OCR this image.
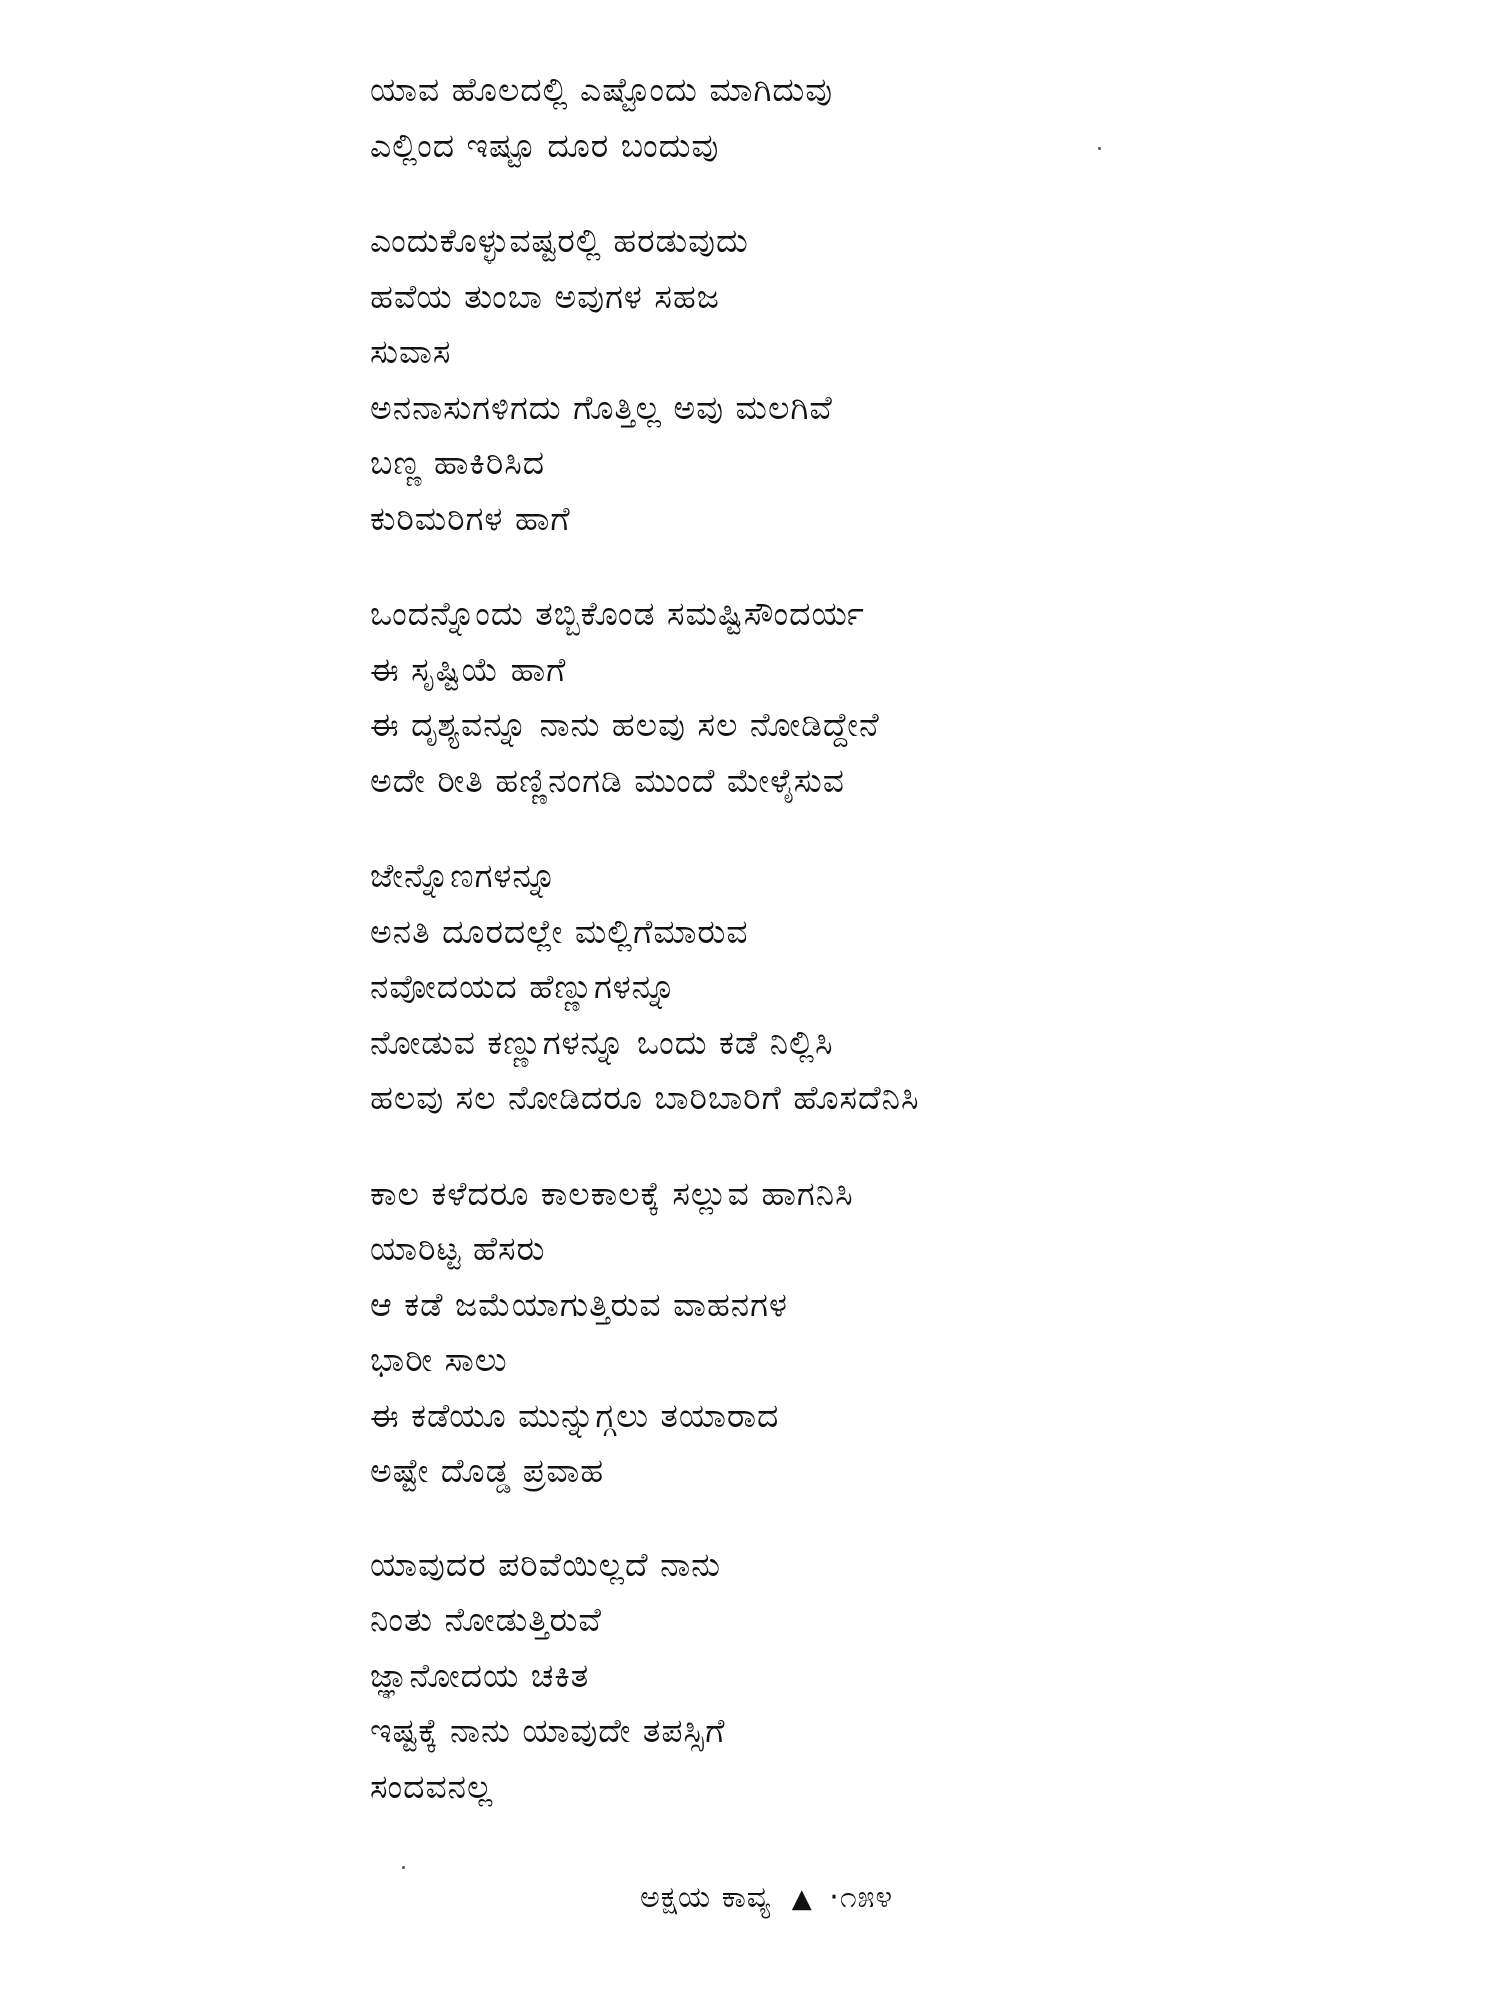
ಯಾವ ಹೊಲದಲ್ಲಿ ಎಷ್ಟೊಂದು ಮಾಗಿದುವು
ಎಲ್ಲಿಂದ ಇಷ್ಟೂ ದೂರ ಬಂದುವು
ಎಂದುಕೊಳ್ಳುವಷ್ಟರಲ್ಲಿ ಹರಡುವುದು
ಹವೆಯ ತುಂಬಾ ಅವುಗಳ ಸಹಜ
ಸುವಾಸ
ಅನನಾಸುಗಳಿಗದು ಗೊತ್ತಿಲ್ಲ ಅವು ಮಲಗಿವೆ
ಬಣ್ಣ ಹಾಕಿರಿಸಿದ
ಕುರಿಮರಿಗಳ ಹಾಗೆ
ಒಂದನ್ನೊಂದು ತಬ್ಬಿಕೊಂಡ ಸಮಷ್ಟಿಸೌಂದರ್ಯ
ಈ ಸೃಷ್ಟಿಯೆ ಹಾಗೆ
ಈ ದೃಶ್ಯವನ್ನೂ ನಾನು ಹಲವು ಸಲ ನೋಡಿದ್ದೇನೆ
ಅದೇ ರೀತಿ ಹಣ್ಣಿನಂಗಡಿ ಮುಂದೆ ಮೇಳೈಸುವ
ಜೇನ್ನೊಣಗಳನ್ನೂ
ಅನತಿ ದೂರದಲ್ಲೇ ಮಲ್ಲಿಗೆಮಾರುವ
ನವೋದಯದ ಹೆಣ್ಣುಗಳನ್ನೂ
ನೋಡುವ ಕಣ್ಣುಗಳನ್ನೂ ಒಂದು ಕಡೆ ನಿಲ್ಲಿಸಿ
ಹಲವು ಸಲ ನೋಡಿದರೂ ಬಾರಿಬಾರಿಗೆ ಹೊಸದೆನಿಸಿ
ಕಾಲ ಕಳೆದರೂ ಕಾಲಕಾಲಕ್ಕೆ ಸಲ್ಲುವ ಹಾಗನಿಸಿ
ಯಾರಿಟ್ಟ ಹೆಸರು
ಆ ಕಡೆ ಜಮೆಯಾಗುತ್ತಿರುವ ವಾಹನಗಳ
ಭಾರೀ ಸಾಲು
ಈ ಕಡೆಯೂ ಮುನ್ನುಗ್ಗಲು ತಯಾರಾದ
ಅಷ್ಟೇ ದೊಡ್ಡ ಪ್ರವಾಹ
ಯಾವುದರ ಪರಿವೆಯಿಲ್ಲದೆ ನಾನು
ನಿಂತು ನೋಡುತ್ತಿರುವೆ
ಜ್ಞಾನೋದಯ ಚಕಿತ
ಇಷ್ಟಕ್ಕೆ ನಾನು ಯಾವುದೇ ತಪಸ್ಸಿಗೆ
ಸಂದವನಲ್ಲ
ಅಕ್ಷಯ ಕಾವ್ಯ ▲ ·೧೫೪
